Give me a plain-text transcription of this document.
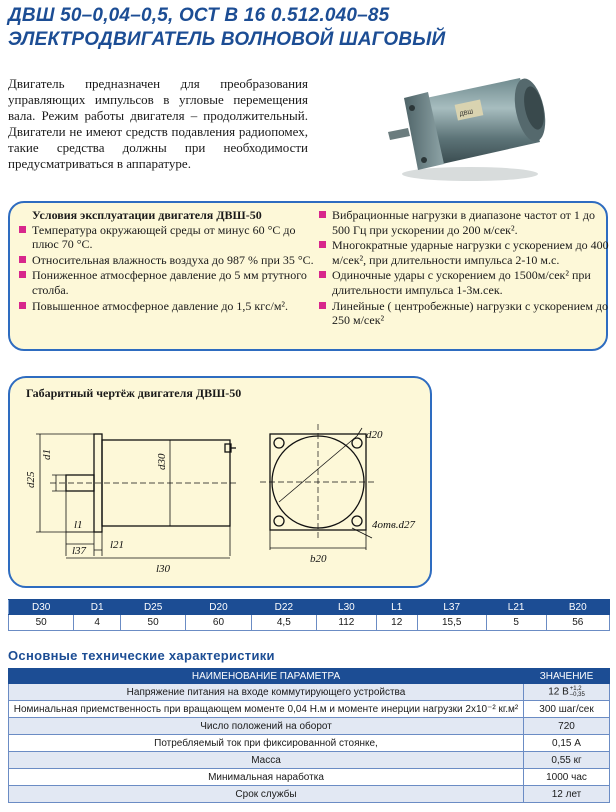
ДВШ 50–0,04–0,5, ОСТ В 16 0.512.040–85
ЭЛЕКТРОДВИГАТЕЛЬ ВОЛНОВОЙ ШАГОВЫЙ

Двигатель предназначен для преобразования управляющих импульсов в угловые перемещения вала. Режим работы двигателя – продолжительный. Двигатели не имеют средств подавления радиопомех, такие средства должны при необходимости предусматриваться в аппаратуре.

ДВШ
Условия эксплуатации двигателя ДВШ-50
Температура окружающей среды от минус 60 °С до плюс 70 °С.
Относительная влажность воздуха до 987 % при 35 °С.
Пониженное атмосферное давление до 5 мм ртутного столба.
Повышенное атмосферное давление до 1,5 кгс/м².
Вибрационные нагрузки в диапазоне частот от 1 до 500 Гц при ускорении до 200 м/сек².
Многократные ударные нагрузки с ускорением до 400 м/сек², при длительности импульса 2-10 м.с.
Одиночные удары с ускорением до 1500м/сек² при длительности импульса 1-3м.сек.
Линейные ( центробежные) нагрузки с ускорением до 250 м/сек²
Габаритный чертёж двигателя ДВШ-50
d25
d1	d30
l1
l37 l21
l30
d20
4отв.d27
b20
D30	D1	D25	D20	D22	L30	L1	L37	L21	B20
50	4	50	60	4,5	112	12	15,5	5	56
Основные технические характеристики
НАИМЕНОВАНИЕ ПАРАМЕТРА	ЗНАЧЕНИЕ
Напряжение питания на входе коммутирующего устройства	12 В+1,2
–0,35
Номинальная приемственность при вращающем моменте 0,04 Н.м и моменте инерции нагрузки 2х10⁻² кг.м²	300 шаг/сек
Число положений на оборот	720
Потребляемый ток при фиксированной стоянке,	0,15 А
Масса	0,55 кг
Минимальная наработка	1000 час
Срок службы	12 лет
